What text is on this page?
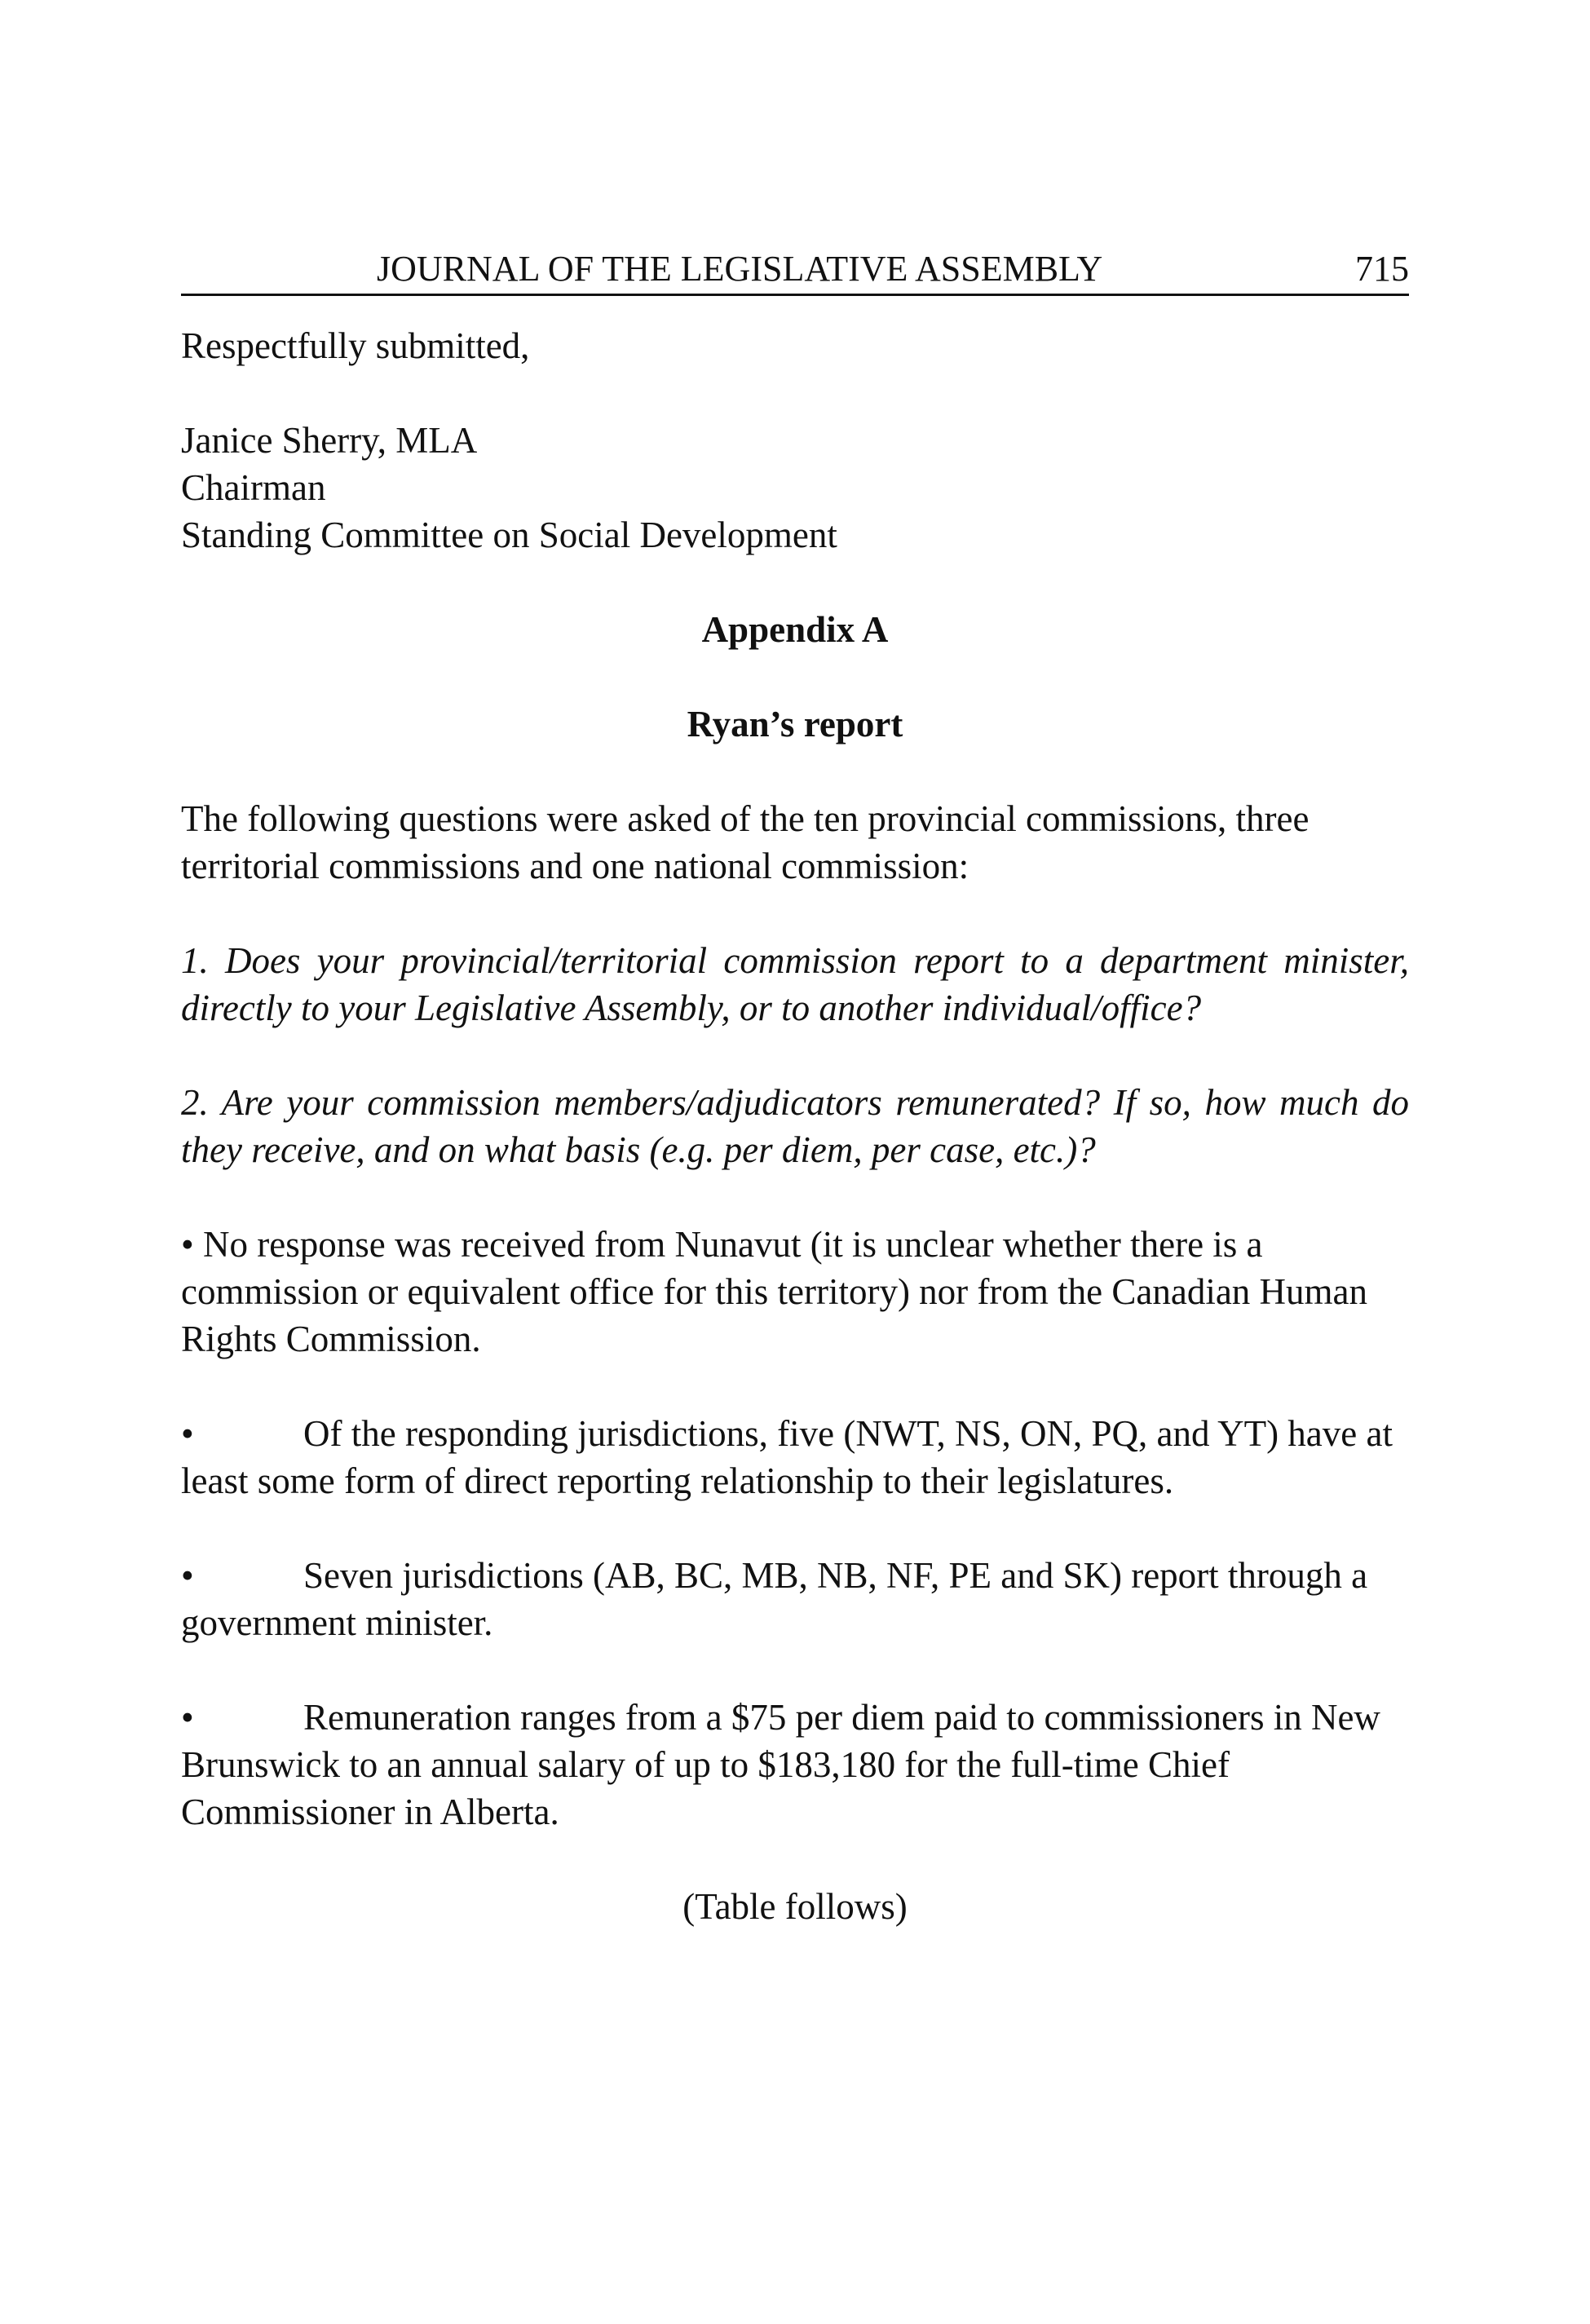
JOURNAL OF THE LEGISLATIVE ASSEMBLY	715

Respectfully submitted,

Janice Sherry, MLA
Chairman
Standing Committee on Social Development

Appendix A

Ryan’s report

The following questions were asked of the ten provincial commissions, three territorial commissions and one national commission:

1. Does your provincial/territorial commission report to a department minister, directly to your Legislative Assembly, or to another individual/office?

2. Are your commission members/adjudicators remunerated? If so, how much do they receive, and on what basis (e.g. per diem, per case, etc.)?

• No response was received from Nunavut (it is unclear whether there is a commission or equivalent office for this territory) nor from the Canadian Human Rights Commission.

•	Of the responding jurisdictions, five (NWT, NS, ON, PQ, and YT) have at least some form of direct reporting relationship to their legislatures.

•	Seven jurisdictions (AB, BC, MB, NB, NF, PE and SK) report through a government minister.

•	Remuneration ranges from a $75 per diem paid to commissioners in New Brunswick to an annual salary of up to $183,180 for the full-time Chief Commissioner in Alberta.

(Table follows)
